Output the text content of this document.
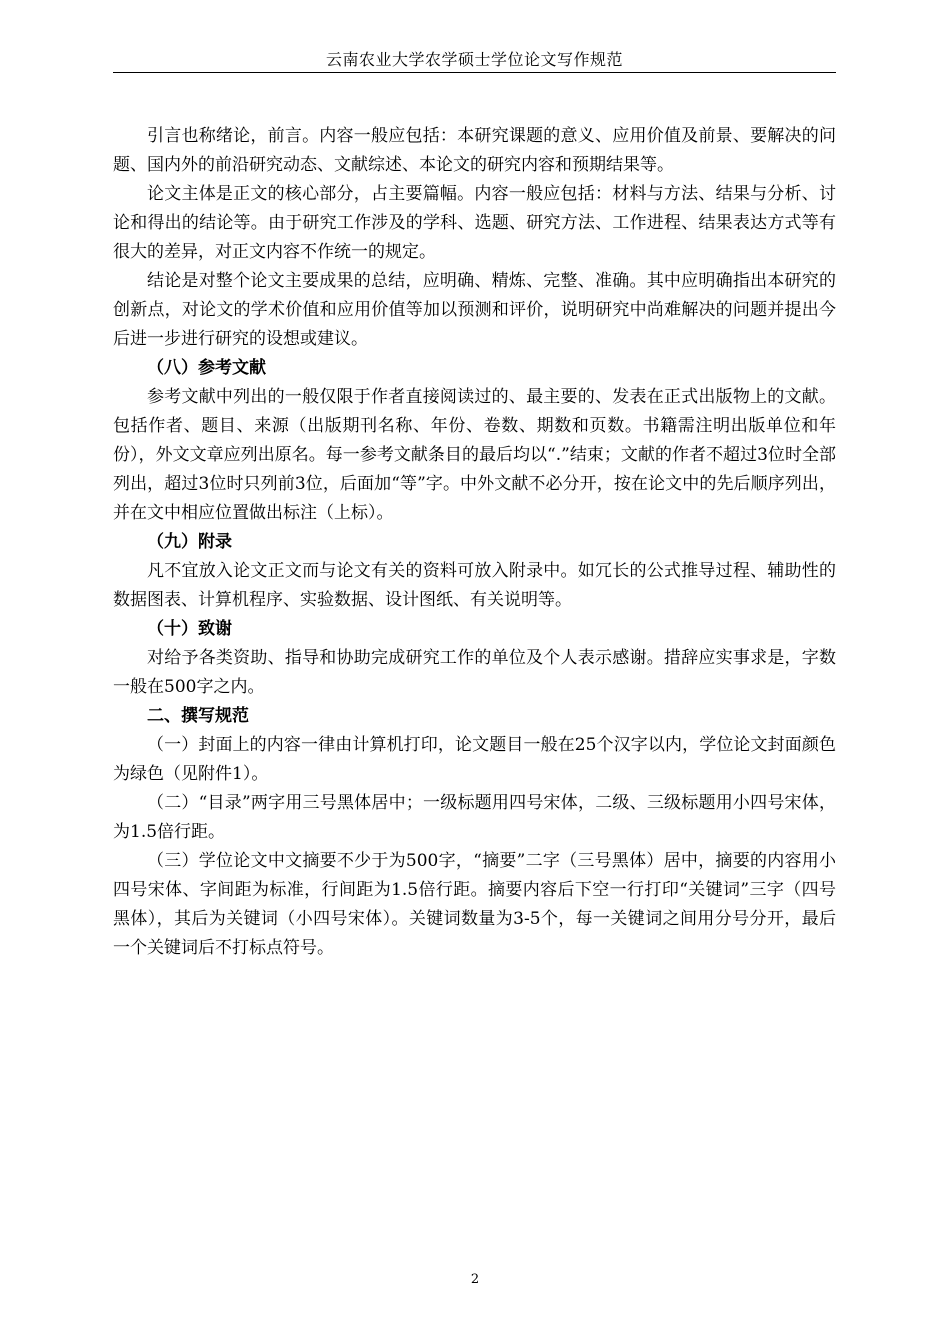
云南农业大学农学硕士学位论文写作规范

引言也称绪论，前言。内容一般应包括：本研究课题的意义、应用价值及前景、要解决的问题、国内外的前沿研究动态、文献综述、本论文的研究内容和预期结果等。

论文主体是正文的核心部分，占主要篇幅。内容一般应包括：材料与方法、结果与分析、讨论和得出的结论等。由于研究工作涉及的学科、选题、研究方法、工作进程、结果表达方式等有很大的差异，对正文内容不作统一的规定。

结论是对整个论文主要成果的总结，应明确、精炼、完整、准确。其中应明确指出本研究的创新点，对论文的学术价值和应用价值等加以预测和评价，说明研究中尚难解决的问题并提出今后进一步进行研究的设想或建议。

（八）参考文献

参考文献中列出的一般仅限于作者直接阅读过的、最主要的、发表在正式出版物上的文献。包括作者、题目、来源（出版期刊名称、年份、卷数、期数和页数。书籍需注明出版单位和年份），外文文章应列出原名。每一参考文献条目的最后均以“.”结束；文献的作者不超过3位时全部列出，超过3位时只列前3位，后面加“等”字。中外文献不必分开，按在论文中的先后顺序列出，并在文中相应位置做出标注（上标）。

（九）附录

凡不宜放入论文正文而与论文有关的资料可放入附录中。如冗长的公式推导过程、辅助性的数据图表、计算机程序、实验数据、设计图纸、有关说明等。

（十）致谢

对给予各类资助、指导和协助完成研究工作的单位及个人表示感谢。措辞应实事求是，字数一般在500字之内。

二、撰写规范

（一）封面上的内容一律由计算机打印，论文题目一般在25个汉字以内，学位论文封面颜色为绿色（见附件1）。

（二）“目录”两字用三号黑体居中；一级标题用四号宋体，二级、三级标题用小四号宋体，为1.5倍行距。

（三）学位论文中文摘要不少于为500字，“摘要”二字（三号黑体）居中，摘要的内容用小四号宋体、字间距为标准，行间距为1.5倍行距。摘要内容后下空一行打印“关键词”三字（四号黑体），其后为关键词（小四号宋体）。关键词数量为3-5个，每一关键词之间用分号分开，最后一个关键词后不打标点符号。

2
